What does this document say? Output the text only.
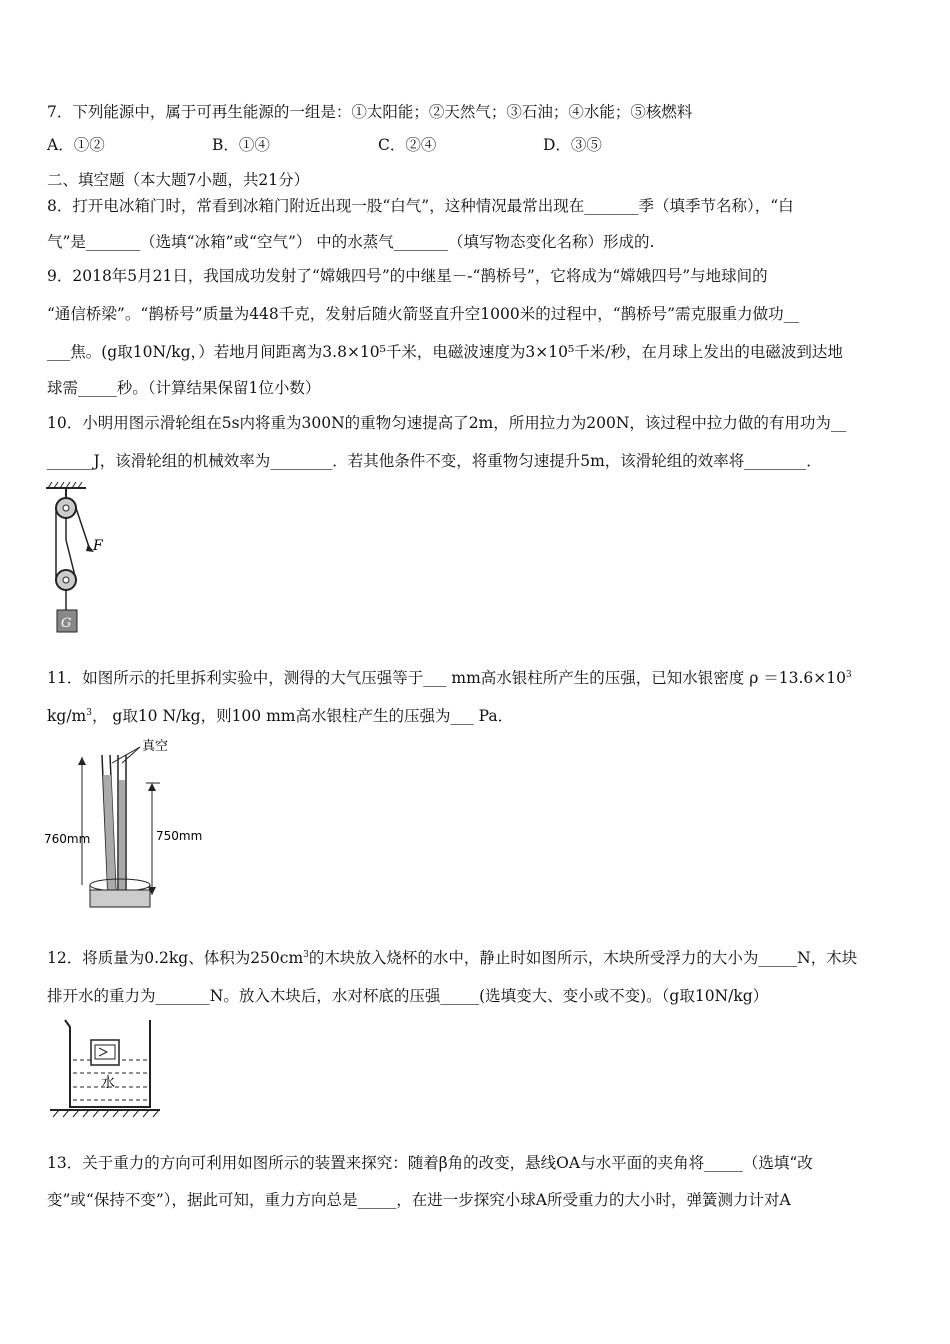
7．下列能源中，属于可再生能源的一组是：①太阳能；②天然气；③石油；④水能；⑤核燃料
A．①②	B．①④	C．②④	D．③⑤
二、填空题（本大题7小题，共21分）
8．打开电冰箱门时，常看到冰箱门附近出现一股“白气”，这种情况最常出现在_______季（填季节名称），“白
气”是_______（选填“冰箱”或“空气”） 中的水蒸气_______（填写物态变化名称）形成的.
9．2018年5月21日，我国成功发射了“嫦娥四号”的中继星－-“鹊桥号”，它将成为“嫦娥四号”与地球间的
“通信桥梁”。“鹊桥号”质量为448千克，发射后随火箭竖直升空1000米的过程中，“鹊桥号”需克服重力做功__
___焦。(g取10N/kg，）若地月间距离为3.8×10⁵千米，电磁波速度为3×10⁵千米/秒，在月球上发出的电磁波到达地
球需_____秒。（计算结果保留1位小数）
10．小明用图示滑轮组在5s内将重为300N的重物匀速提高了2m，所用拉力为200N，该过程中拉力做的有用功为__
______J，该滑轮组的机械效率为________．若其他条件不变，将重物匀速提升5m，该滑轮组的效率将________．
F
G
11．如图所示的托里拆利实验中，测得的大气压强等于___ mm高水银柱所产生的压强，已知水银密度 $\rho =13.6\times 10^3$
$kg/m^3$， g取10 N/kg，则100 mm高水银柱产生的压强为___ Pa．
真空
760mm	750mm
12．将质量为0.2kg、体积为$250cm^3$的木块放入烧杯的水中，静止时如图所示，木块所受浮力的大小为_____N，木块
排开水的重力为_______N。放入木块后，水对杯底的压强_____(选填变大、变小或不变)。（g取10N/kg）
水
13．关于重力的方向可利用如图所示的装置来探究：随着β角的改变，悬线OA与水平面的夹角将_____（选填“改
变”或“保持不变”），据此可知，重力方向总是_____，在进一步探究小球A所受重力的大小时，弹簧测力计对A
